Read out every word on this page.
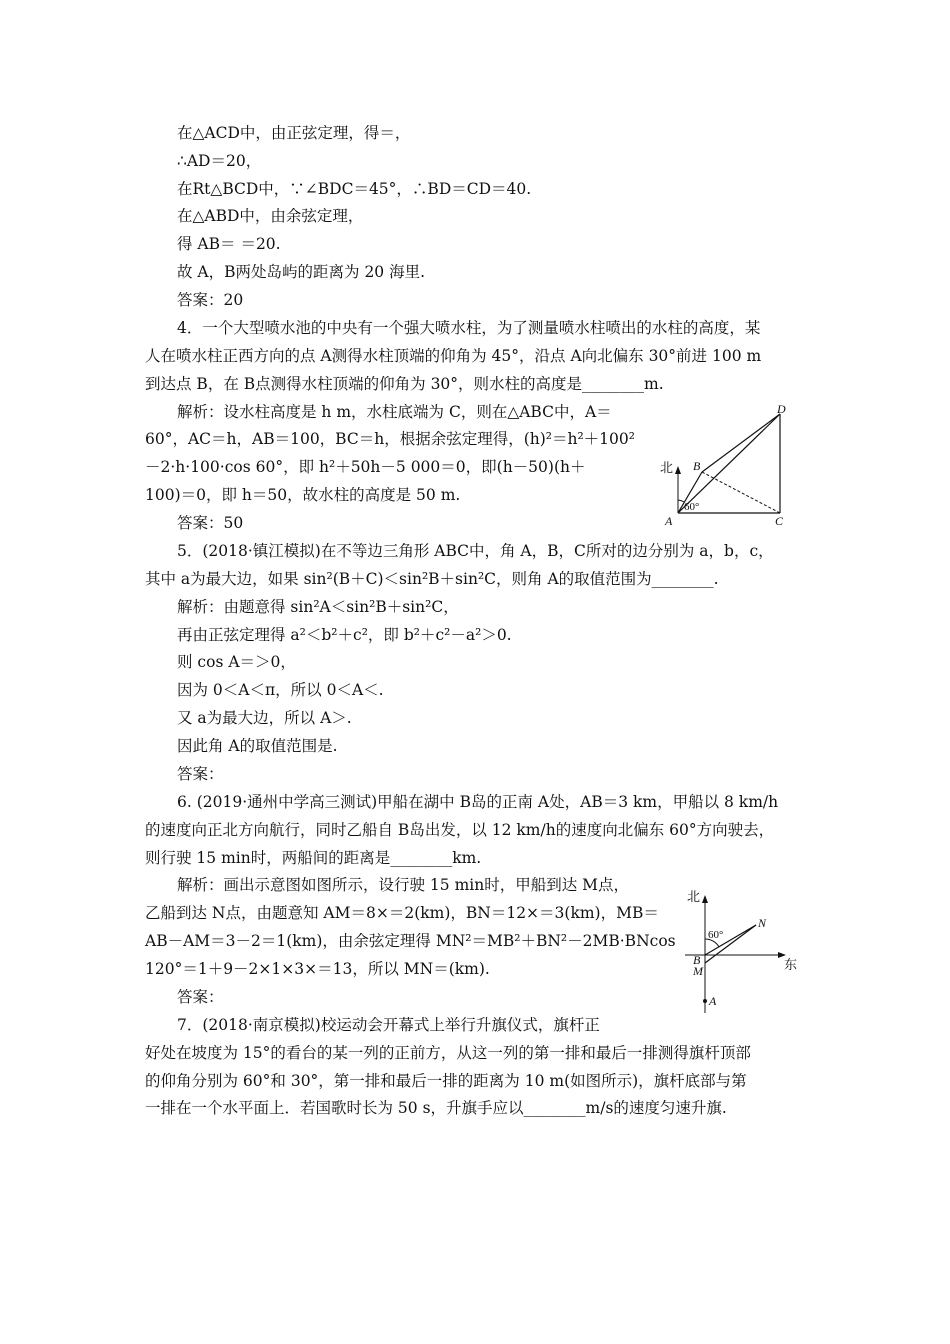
在△ACD中，由正弦定理，得＝，
∴AD＝20，
在Rt△BCD中，∵∠BDC＝45°，∴BD＝CD＝40.
在△ABD中，由余弦定理，
得 AB＝ ＝20.
故 A，B两处岛屿的距离为 20 海里.
答案：20
4．一个大型喷水池的中央有一个强大喷水柱，为了测量喷水柱喷出的水柱的高度，某
人在喷水柱正西方向的点 A测得水柱顶端的仰角为 45°，沿点 A向北偏东 30°前进 100 m
到达点 B，在 B点测得水柱顶端的仰角为 30°，则水柱的高度是________m.
解析：设水柱高度是 h m，水柱底端为 C，则在△ABC中，A＝
60°，AC＝h，AB＝100，BC＝h，根据余弦定理得，(h)²＝h²＋100²
－2·h·100·cos 60°，即 h²＋50h－5 000＝0，即(h－50)(h＋
100)＝0，即 h＝50，故水柱的高度是 50 m.
答案：50
5．(2018·镇江模拟)在不等边三角形 ABC中，角 A，B，C所对的边分别为 a，b，c，
其中 a为最大边，如果 sin²(B＋C)＜sin²B＋sin²C，则角 A的取值范围为________.
解析：由题意得 sin²A＜sin²B＋sin²C，
再由正弦定理得 a²＜b²＋c²，即 b²＋c²－a²＞0.
则 cos A＝＞0，
因为 0＜A＜π，所以 0＜A＜.
又 a为最大边，所以 A＞.
因此角 A的取值范围是.
答案：
6. (2019·通州中学高三测试)甲船在湖中 B岛的正南 A处，AB＝3 km，甲船以 8 km/h
的速度向正北方向航行，同时乙船自 B岛出发，以 12 km/h的速度向北偏东 60°方向驶去，
则行驶 15 min时，两船间的距离是________km.
解析：画出示意图如图所示，设行驶 15 min时，甲船到达 M点，
乙船到达 N点，由题意知 AM＝8×＝2(km)，BN＝12×＝3(km)，MB＝
AB－AM＝3－2＝1(km)，由余弦定理得 MN²＝MB²＋BN²－2MB·BNcos
120°＝1＋9－2×1×3×＝13，所以 MN＝(km).
答案：
7．(2018·南京模拟)校运动会开幕式上举行升旗仪式，旗杆正
好处在坡度为 15°的看台的某一列的正前方，从这一列的第一排和最后一排测得旗杆顶部
的仰角分别为 60°和 30°，第一排和最后一排的距离为 10 m(如图所示)，旗杆底部与第
一排在一个水平面上．若国歌时长为 50 s，升旗手应以________m/s的速度匀速升旗.
北
60°
A
B
C
D
北
东
60°
N
B
M
A
